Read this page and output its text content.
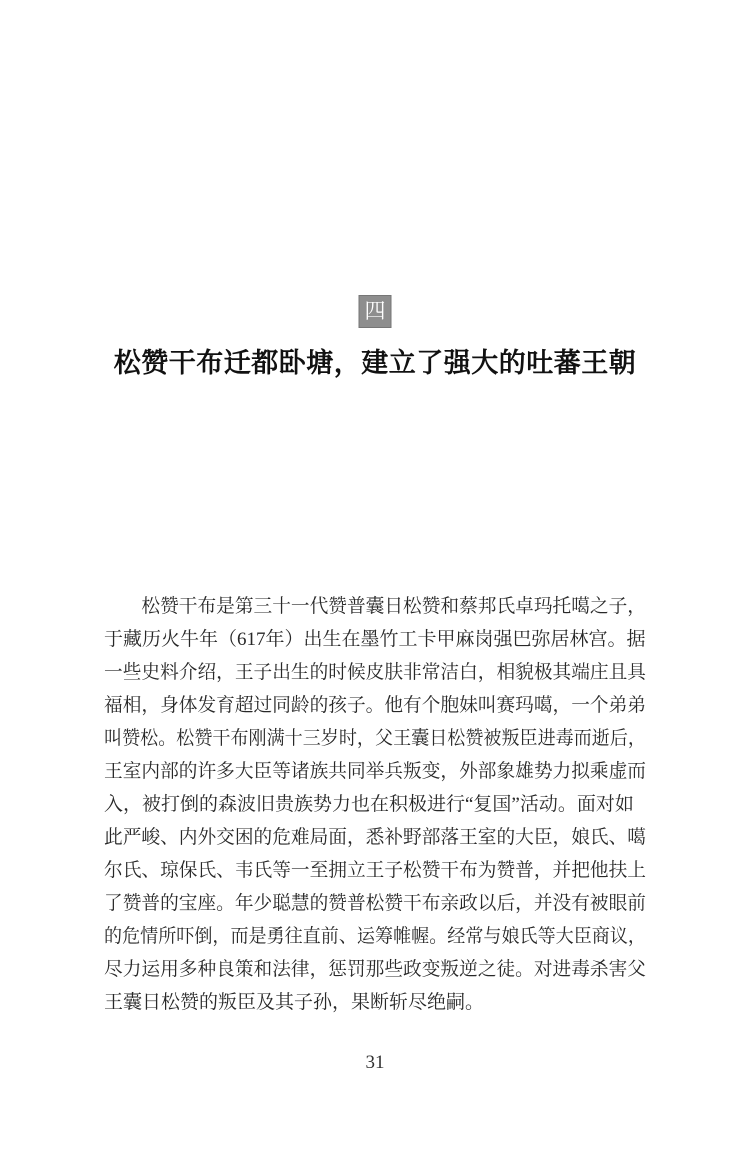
四
松赞干布迁都卧塘，建立了强大的吐蕃王朝
松赞干布是第三十一代赞普囊日松赞和蔡邦氏卓玛托噶之子，
于藏历火牛年（617年）出生在墨竹工卡甲麻岗强巴弥居林宫。据
一些史料介绍，王子出生的时候皮肤非常洁白，相貌极其端庄且具
福相，身体发育超过同龄的孩子。他有个胞妹叫赛玛噶，一个弟弟
叫赞松。松赞干布刚满十三岁时，父王囊日松赞被叛臣进毒而逝后，
王室内部的许多大臣等诸族共同举兵叛变，外部象雄势力拟乘虚而
入，被打倒的森波旧贵族势力也在积极进行“复国”活动。面对如
此严峻、内外交困的危难局面，悉补野部落王室的大臣，娘氏、噶
尔氏、琼保氏、韦氏等一至拥立王子松赞干布为赞普，并把他扶上
了赞普的宝座。年少聪慧的赞普松赞干布亲政以后，并没有被眼前
的危情所吓倒，而是勇往直前、运筹帷幄。经常与娘氏等大臣商议，
尽力运用多种良策和法律，惩罚那些政变叛逆之徒。对进毒杀害父
王囊日松赞的叛臣及其子孙，果断斩尽绝嗣。
31
